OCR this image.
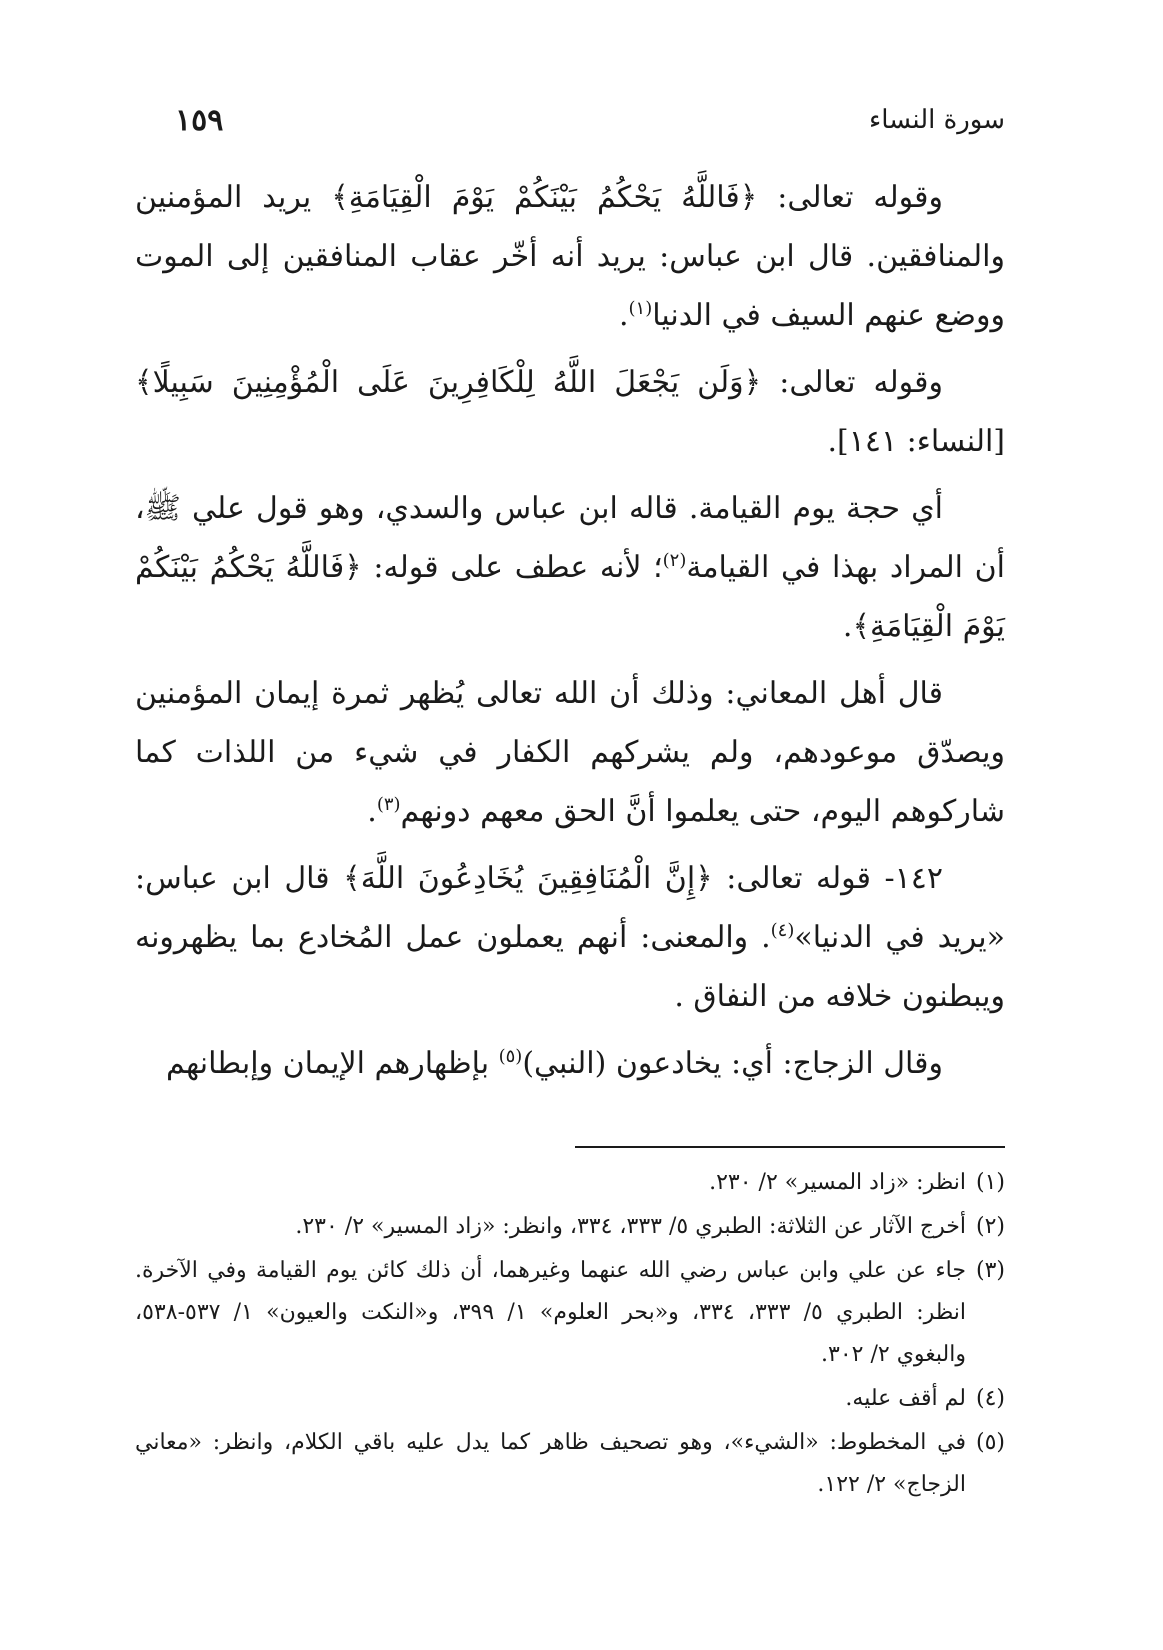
سورة النساء
١٥٩

وقوله تعالى: ﴿فَاللَّهُ يَحْكُمُ بَيْنَكُمْ يَوْمَ الْقِيَامَةِ﴾ يريد المؤمنين والمنافقين. قال ابن عباس: يريد أنه أخّر عقاب المنافقين إلى الموت ووضع عنهم السيف في الدنيا$^{(١)}$.

وقوله تعالى: ﴿وَلَن يَجْعَلَ اللَّهُ لِلْكَافِرِينَ عَلَى الْمُؤْمِنِينَ سَبِيلًا﴾ [النساء: ١٤١].

أي حجة يوم القيامة. قاله ابن عباس والسدي، وهو قول علي ﷺ، أن المراد بهذا في القيامة$^{(٢)}$؛ لأنه عطف على قوله: ﴿فَاللَّهُ يَحْكُمُ بَيْنَكُمْ يَوْمَ الْقِيَامَةِ﴾.

قال أهل المعاني: وذلك أن الله تعالى يُظهر ثمرة إيمان المؤمنين ويصدّق موعودهم، ولم يشركهم الكفار في شيء من اللذات كما شاركوهم اليوم، حتى يعلموا أنَّ الحق معهم دونهم$^{(٣)}$.

١٤٢- قوله تعالى: ﴿إِنَّ الْمُنَافِقِينَ يُخَادِعُونَ اللَّهَ﴾ قال ابن عباس: «يريد في الدنيا»$^{(٤)}$. والمعنى: أنهم يعملون عمل المُخادع بما يظهرونه ويبطنون خلافه من النفاق .

وقال الزجاج: أي: يخادعون (النبي)$^{(٥)}$ بإظهارهم الإيمان وإبطانهم

(١)
انظر: «زاد المسير» ٢/ ٢٣٠.
(٢)
أخرج الآثار عن الثلاثة: الطبري ٥/ ٣٣٣، ٣٣٤، وانظر: «زاد المسير» ٢/ ٢٣٠.
(٣)
جاء عن علي وابن عباس رضي الله عنهما وغيرهما، أن ذلك كائن يوم القيامة وفي الآخرة. انظر: الطبري ٥/ ٣٣٣، ٣٣٤، و«بحر العلوم» ١/ ٣٩٩، و«النكت والعيون» ١/ ٥٣٧-٥٣٨، والبغوي ٢/ ٣٠٢.
(٤)
لم أقف عليه.
(٥)
في المخطوط: «الشيء»، وهو تصحيف ظاهر كما يدل عليه باقي الكلام، وانظر: «معاني الزجاج» ٢/ ١٢٢.
